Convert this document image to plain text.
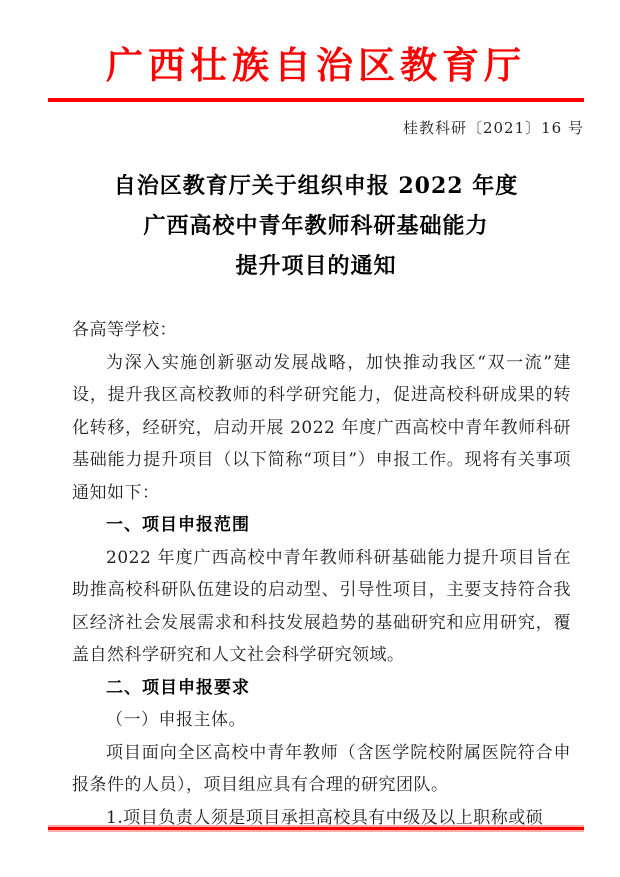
广西壮族自治区教育厅
桂教科研〔2021〕16 号
自治区教育厅关于组织申报 2022 年度
广西高校中青年教师科研基础能力
提升项目的通知
各高等学校：
为深入实施创新驱动发展战略，加快推动我区“双一流”建设，提升我区高校教师的科学研究能力，促进高校科研成果的转化转移，经研究，启动开展 2022 年度广西高校中青年教师科研基础能力提升项目（以下简称“项目”）申报工作。现将有关事项通知如下：
一、项目申报范围
2022 年度广西高校中青年教师科研基础能力提升项目旨在助推高校科研队伍建设的启动型、引导性项目，主要支持符合我区经济社会发展需求和科技发展趋势的基础研究和应用研究，覆盖自然科学研究和人文社会科学研究领域。
二、项目申报要求
（一）申报主体。
项目面向全区高校中青年教师（含医学院校附属医院符合申报条件的人员），项目组应具有合理的研究团队。
1.项目负责人须是项目承担高校具有中级及以上职称或硕
